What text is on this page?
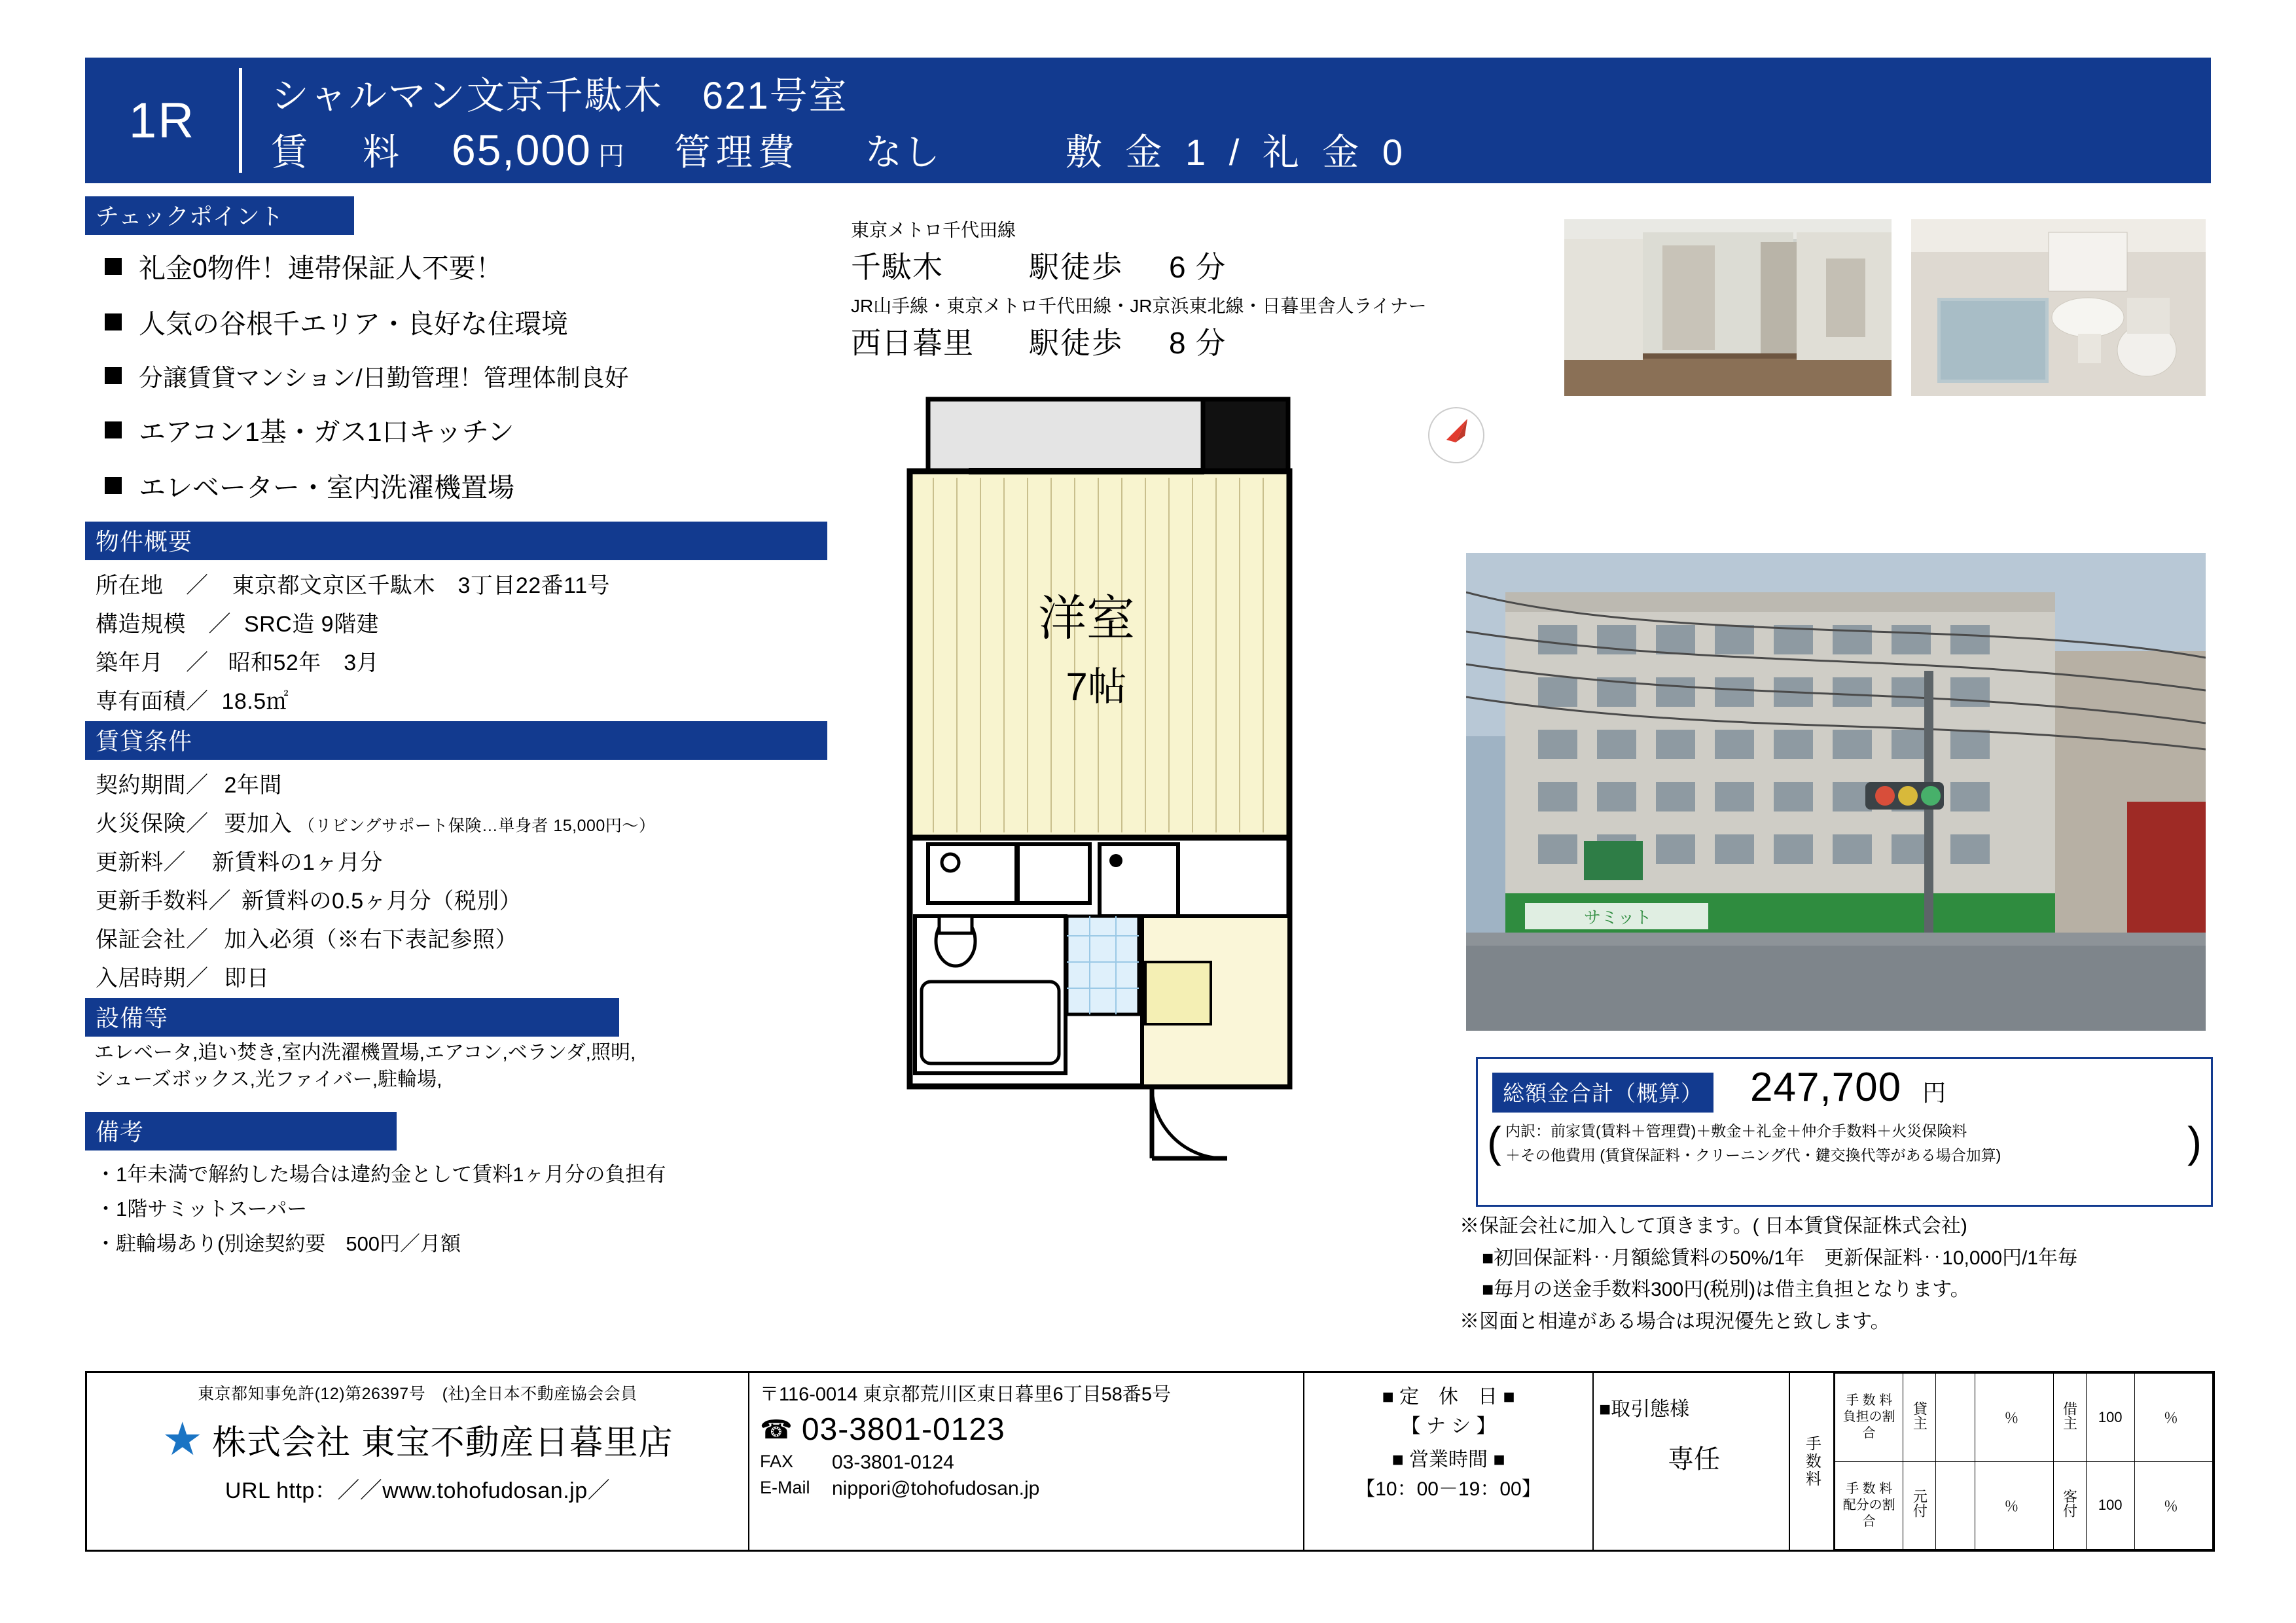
1R	シャルマン文京千駄木　621号室
賃　料 65,000 円 管理費 なし	敷 金 1 / 礼 金 0
チェックポイント
礼金0物件！連帯保証人不要！
人気の谷根千エリア・良好な住環境
分譲賃貸マンション/日勤管理！管理体制良好
エアコン1基・ガス1口キッチン
エレベーター・室内洗濯機置場
物件概要
所在地　／ 東京都文京区千駄木　3丁目22番11号
構造規模　／ SRC造 9階建
築年月　／ 昭和52年　3月
専有面積／ 18.5㎡
賃貸条件
契約期間／ 2年間
火災保険／ 要加入 （リビングサポート保険…単身者 15,000円〜）
更新料／ 新賃料の1ヶ月分
更新手数料／ 新賃料の0.5ヶ月分（税別）
保証会社／ 加入必須（※右下表記参照）
入居時期／ 即日
設備等
エレベータ,追い焚き,室内洗濯機置場,エアコン,ベランダ,照明,
シューズボックス,光ファイバー,駐輪場,
備考
・1年未満で解約した場合は違約金として賃料1ヶ月分の負担有
・1階サミットスーパー
・駐輪場あり(別途契約要　500円／月額
東京メトロ千代田線
千駄木	駅徒歩 6 分
JR山手線・東京メトロ千代田線・JR京浜東北線・日暮里舎人ライナー
西日暮里	駅徒歩 8 分
洋室
7帖
サミット
総額金合計（概算） 247,700 円
( 内訳：前家賃(賃料＋管理費)＋敷金＋礼金＋仲介手数料＋火災保険料
＋その他費用 (賃貸保証料・クリーニング代・鍵交換代等がある場合加算)	)
※保証会社に加入して頂きます。( 日本賃貸保証株式会社)
■初回保証料‥月額総賃料の50%/1年　更新保証料‥10,000円/1年毎
■毎月の送金手数料300円(税別)は借主負担となります。
※図面と相違がある場合は現況優先と致します。
東京都知事免許(12)第26397号　(社)全日本不動産協会会員
★ 株式会社 東宝不動産日暮里店
URL http：／／www.tohofudosan.jp／
〒116-0014 東京都荒川区東日暮里6丁目58番5号
☎ 03-3801-0123
FAX	03-3801-0124
E-Mail	nippori@tohofudosan.jp
■ 定　休　日 ■
【 ナ シ 】
■ 営業時間 ■
【10：00－19：00】
■取引態様
専任	手数料
手 数 料
負担の割合	貸主		％	借主	100	％
手 数 料
配分の割合	元付		％	客付	100	％
